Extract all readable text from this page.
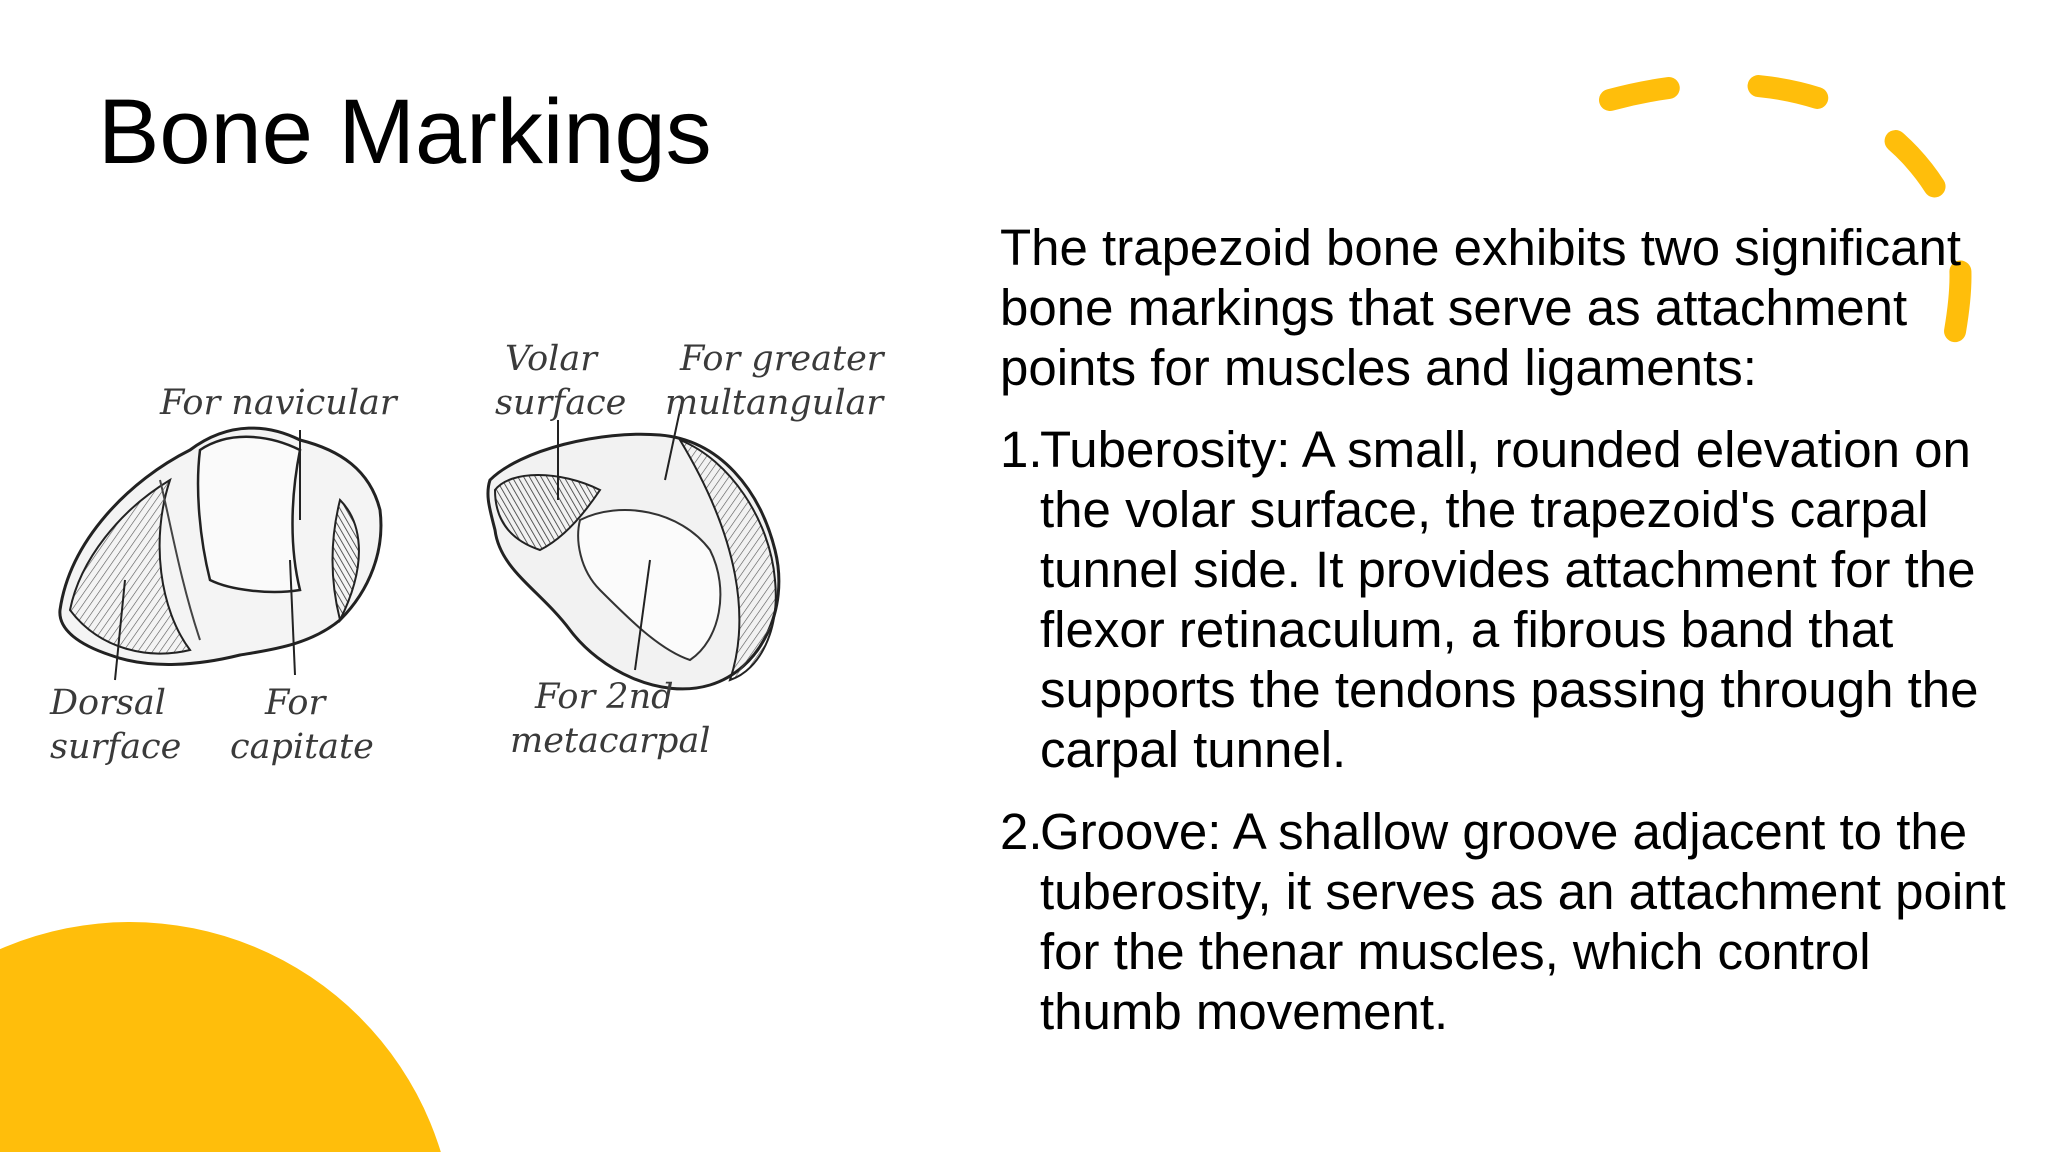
Bone Markings
For navicular
Dorsal
surface
For
capitate
Volar
surface
For greater
multangular
For 2nd
metacarpal

The trapezoid bone exhibits two significant bone markings that serve as attachment points for muscles and ligaments:

1.
Tuberosity: A small, rounded elevation on the volar surface, the trapezoid's carpal tunnel side. It provides attachment for the flexor retinaculum, a fibrous band that supports the tendons passing through the carpal tunnel.
2.
Groove: A shallow groove adjacent to the tuberosity, it serves as an attachment point for the thenar muscles, which control thumb movement.
